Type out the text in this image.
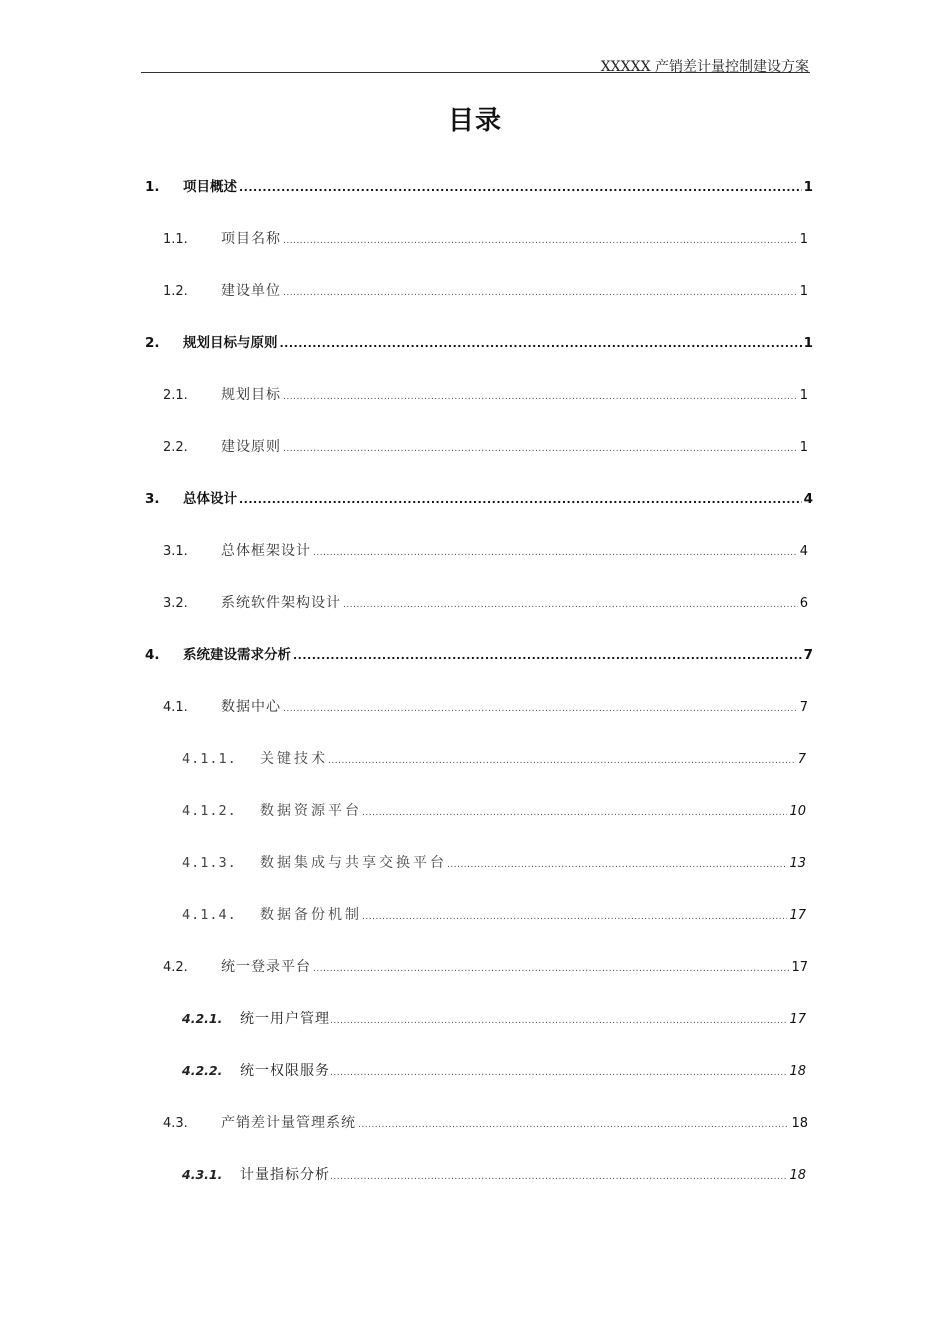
XXXXX 产销差计量控制建设方案
目录
1.	项目概述 .....	1
1.1.	项目名称 .....	1
1.2.	建设单位 .....	1
2.	规划目标与原则 .....	1
2.1.	规划目标 .....	1
2.2.	建设原则 .....	1
3.	总体设计 .....	4
3.1.	总体框架设计 .....	4
3.2.	系统软件架构设计 .....	6
4.	系统建设需求分析 .....	7
4.1.	数据中心 .....	7
4.1.1.	关键技术 .....	7
4.1.2.	数据资源平台 .....	10
4.1.3.	数据集成与共享交换平台 .....	13
4.1.4.	数据备份机制 .....	17
4.2.	统一登录平台 .....	17
4.2.1.	统一用户管理 .....	17
4.2.2.	统一权限服务 .....	18
4.3.	产销差计量管理系统 .....	18
4.3.1.	计量指标分析 .....	18
